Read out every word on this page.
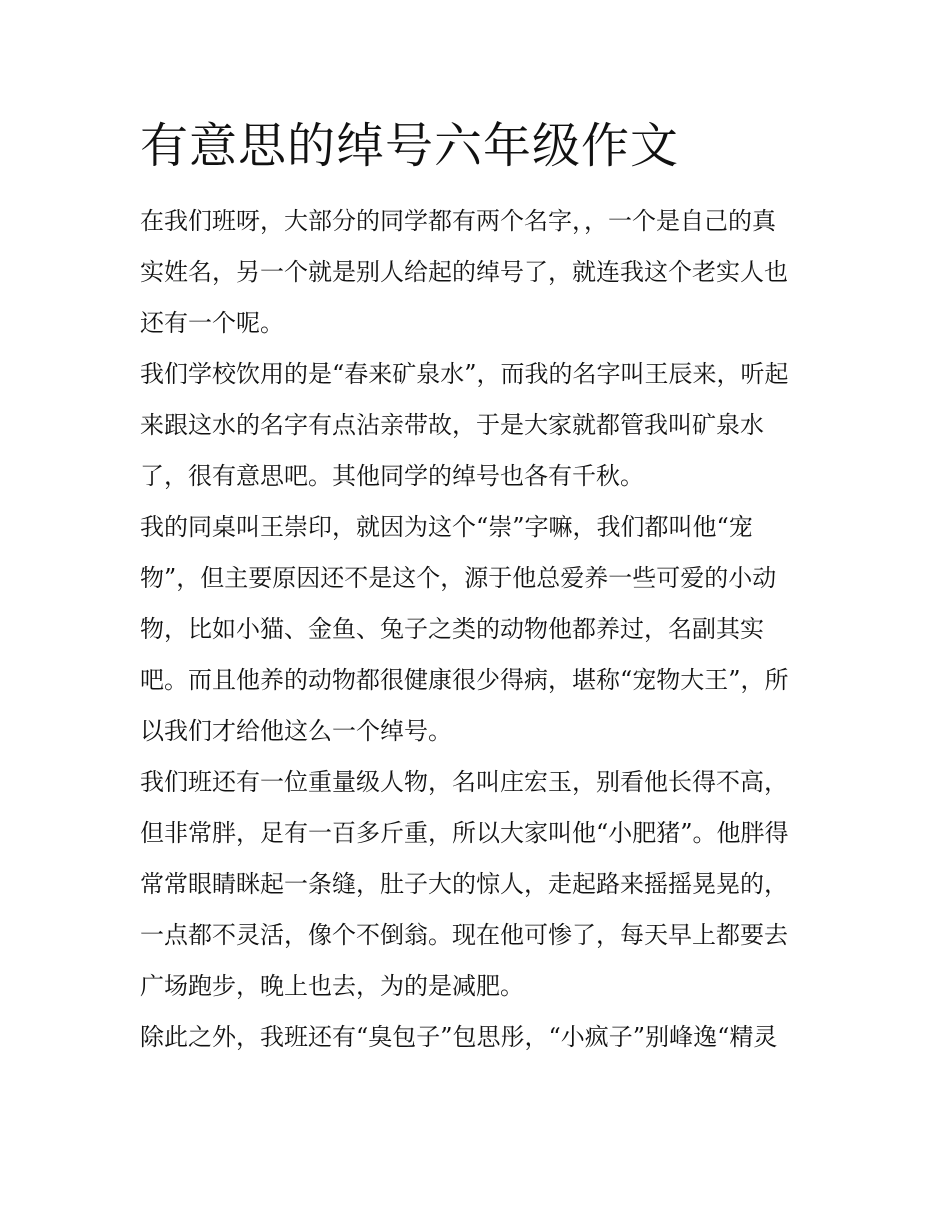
有意思的绰号六年级作文

在我们班呀，大部分的同学都有两个名字，，一个是自己的真

实姓名，另一个就是别人给起的绰号了，就连我这个老实人也

还有一个呢。

我们学校饮用的是“春来矿泉水”，而我的名字叫王辰来，听起

来跟这水的名字有点沾亲带故，于是大家就都管我叫矿泉水

了，很有意思吧。其他同学的绰号也各有千秋。

我的同桌叫王崇印，就因为这个“崇”字嘛，我们都叫他“宠

物”，但主要原因还不是这个，源于他总爱养一些可爱的小动

物，比如小猫、金鱼、兔子之类的动物他都养过，名副其实

吧。而且他养的动物都很健康很少得病，堪称“宠物大王”，所

以我们才给他这么一个绰号。

我们班还有一位重量级人物，名叫庄宏玉，别看他长得不高，

但非常胖，足有一百多斤重，所以大家叫他“小肥猪”。他胖得

常常眼睛眯起一条缝，肚子大的惊人，走起路来摇摇晃晃的，

一点都不灵活，像个不倒翁。现在他可惨了，每天早上都要去

广场跑步，晚上也去，为的是减肥。

除此之外，我班还有“臭包子”包思彤，“小疯子”别峰逸“精灵
